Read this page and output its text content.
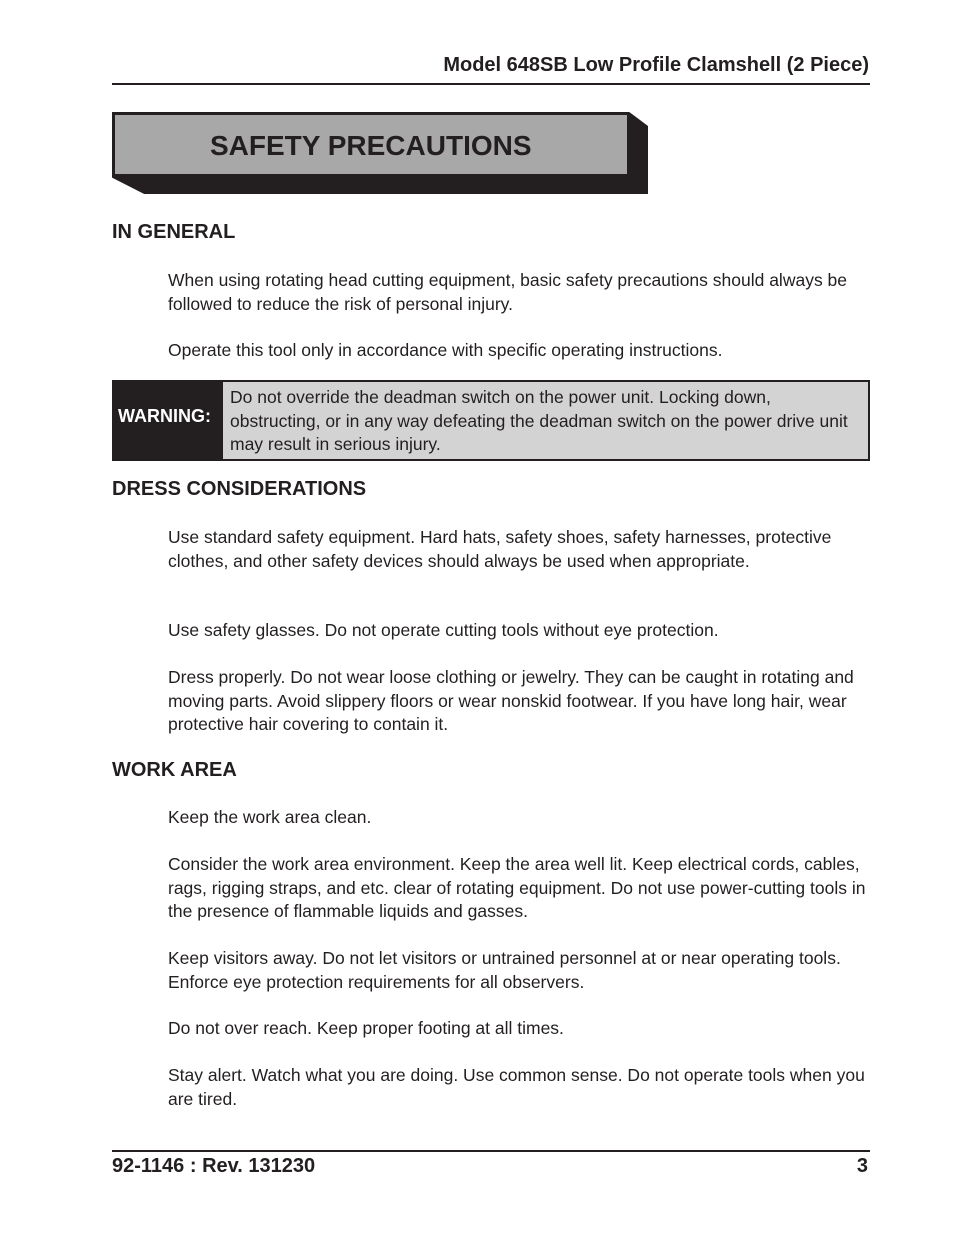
Model 648SB Low Profile Clamshell (2 Piece)
SAFETY PRECAUTIONS
IN GENERAL

When using rotating head cutting equipment, basic safety precautions should always be followed to reduce the risk of personal injury.

Operate this tool only in accordance with specific operating instructions.

WARNING:

Do not override the deadman switch on the power unit. Locking down, obstructing, or in any way defeating the deadman switch on the power drive unit may result in serious injury.

DRESS CONSIDERATIONS

Use standard safety equipment. Hard hats, safety shoes, safety harnesses, protective clothes, and other safety devices should always be used when appropriate.

Use safety glasses. Do not operate cutting tools without eye protection.

Dress properly. Do not wear loose clothing or jewelry. They can be caught in rotating and moving parts. Avoid slippery floors or wear nonskid footwear. If you have long hair, wear protective hair covering to contain it.

WORK AREA

Keep the work area clean.

Consider the work area environment. Keep the area well lit. Keep electrical cords, cables, rags, rigging straps, and etc. clear of rotating equipment. Do not use power-cutting tools in the presence of flammable liquids and gasses.

Keep visitors away. Do not let visitors or untrained personnel at or near operating tools. Enforce eye protection requirements for all observers.

Do not over reach. Keep proper footing at all times.

Stay alert. Watch what you are doing. Use common sense. Do not operate tools when you are tired.

92-1146 : Rev. 131230	3
